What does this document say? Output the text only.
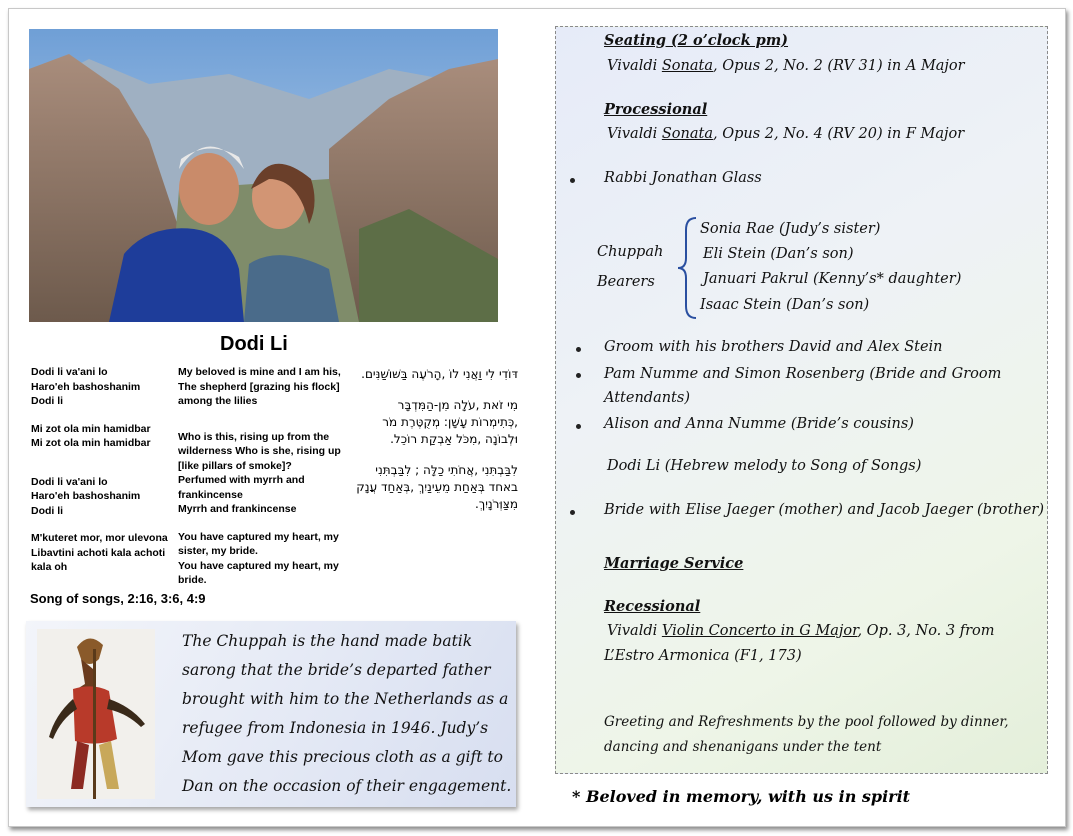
Dodi Li

Dodi li va'ani lo
Haro'eh bashoshanim
Dodi li

Mi zot ola min hamidbar
Mi zot ola min hamidbar

Dodi li va'ani lo
Haro'eh bashoshanim
Dodi li

M'kuteret mor, mor ulevona
Libavtini achoti kala achoti kala oh

My beloved is mine and I am his,
The shepherd [grazing his flock] among the lilies

Who is this, rising up from the wilderness Who is she, rising up [like pillars of smoke]?
Perfumed with myrrh and frankincense
Myrrh and frankincense

You have captured my heart, my sister, my bride.
You have captured my heart, my bride.

דּוֹדִי לִי וַאֲנִי לוֹ ,הָרֹעֶה בַּשּׁוֹשַׁנִּים.

מִי זֹאת ,עֹלָה מִן-הַמִּדְבָּר ,כְּתִימְרוֹת עָשָׁן: מְקֻטֶּרֶת מֹר וּלְבוֹנָה ,מִכֹּל אַבְקַת רוֹכֵל.

לִבַּבְתִּנִי ,אֲחֹתִי כַלָּה ; לִבַּבְתִּנִי באחד בְּאַחַת מֵעֵינַיִךְ ,בְּאַחַד עֲנָק מִצַּוְּרֹנָיִךְ.

Song of songs, 2:16, 3:6, 4:9
The Chuppah is the hand made batik sarong that the bride’s departed father brought with him to the Netherlands as a refugee from Indonesia in 1946. Judy’s Mom gave this precious cloth as a gift to Dan on the occasion of their engagement.
Seating (2 o’clock pm)
Vivaldi Sonata, Opus 2, No. 2 (RV 31) in A Major
Processional
Vivaldi Sonata, Opus 2, No. 4 (RV 20) in F Major
Rabbi Jonathan Glass
Chuppah
Bearers
Sonia Rae (Judy’s sister)
Eli Stein (Dan’s son)
Januari Pakrul (Kenny’s* daughter)
Isaac Stein (Dan’s son)
Groom with his brothers David and Alex Stein
Pam Numme and Simon Rosenberg (Bride and Groom
Attendants)
Alison and Anna Numme (Bride’s cousins)
Dodi Li (Hebrew melody to Song of Songs)
Bride with Elise Jaeger (mother) and Jacob Jaeger (brother)
Marriage Service
Recessional
Vivaldi Violin Concerto in G Major, Op. 3, No. 3 from
L’Estro Armonica (F1, 173)
Greeting and Refreshments by the pool followed by dinner,
dancing and shenanigans under the tent
* Beloved in memory, with us in spirit
